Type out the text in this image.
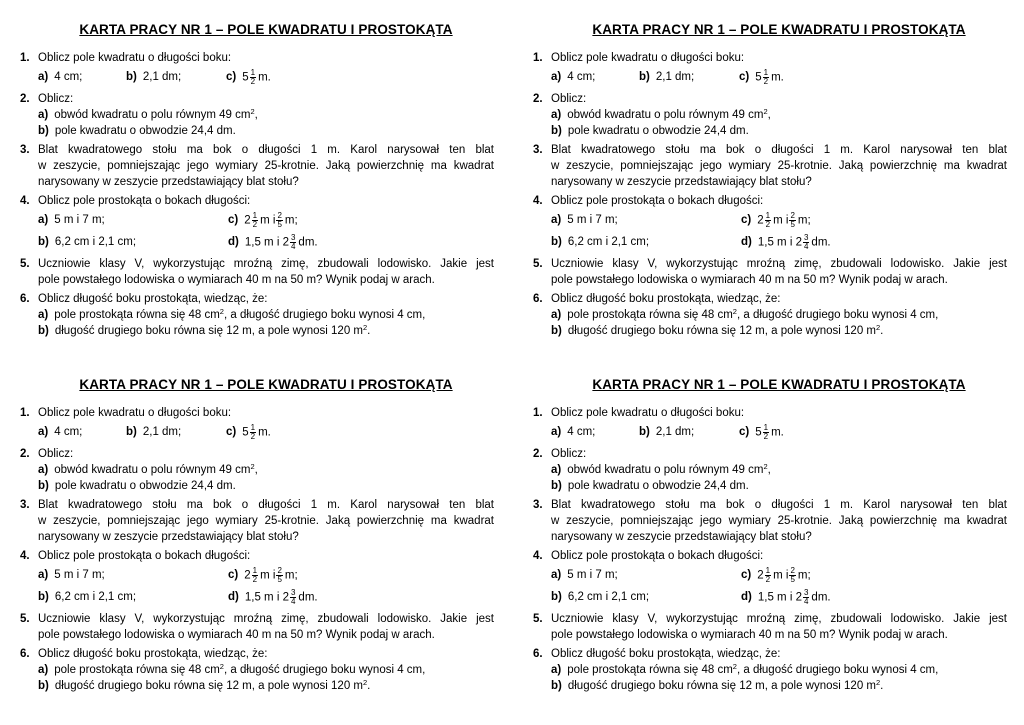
KARTA PRACY NR 1 – POLE KWADRATU I PROSTOKĄTA
1. Oblicz pole kwadratu o długości boku:
a) 4 cm;	b) 2,1 dm;	c) $5 \frac{1}{2} m$.
2. Oblicz:
a) obwód kwadratu o polu równym 49 $cm^2$,
b) pole kwadratu o obwodzie 24,4 dm.
3. Blat kwadratowego stołu ma bok o długości 1 m. Karol narysował ten blat
w zeszycie, pomniejszając jego wymiary 25-krotnie. Jaką powierzchnię ma kwadrat
narysowany w zeszycie przedstawiający blat stołu?
4. Oblicz pole prostokąta o bokach długości:
a) 5 m i 7 m;	c) $2 \frac{1}{2}$ m i $\frac{2}{5} m$;
b) 6,2 cm i 2,1 cm;	d) 1,5 m i $2 \frac{3}{4}$ dm.
5. Uczniowie klasy V, wykorzystując mroźną zimę, zbudowali lodowisko. Jakie jest
pole powstałego lodowiska o wymiarach 40 m na 50 m? Wynik podaj w arach.
6. Oblicz długość boku prostokąta, wiedząc, że:
a) pole prostokąta równa się 48 $cm^2$, a długość drugiego boku wynosi 4 cm,
b) długość drugiego boku równa się 12 m, a pole wynosi 120 $m^2$.
KARTA PRACY NR 1 – POLE KWADRATU I PROSTOKĄTA
1. Oblicz pole kwadratu o długości boku:
a) 4 cm;	b) 2,1 dm;	c) $5 \frac{1}{2} m$.
2. Oblicz:
a) obwód kwadratu o polu równym 49 $cm^2$,
b) pole kwadratu o obwodzie 24,4 dm.
3. Blat kwadratowego stołu ma bok o długości 1 m. Karol narysował ten blat
w zeszycie, pomniejszając jego wymiary 25-krotnie. Jaką powierzchnię ma kwadrat
narysowany w zeszycie przedstawiający blat stołu?
4. Oblicz pole prostokąta o bokach długości:
a) 5 m i 7 m;	c) $2 \frac{1}{2}$ m i $\frac{2}{5} m$;
b) 6,2 cm i 2,1 cm;	d) 1,5 m i $2 \frac{3}{4}$ dm.
5. Uczniowie klasy V, wykorzystując mroźną zimę, zbudowali lodowisko. Jakie jest
pole powstałego lodowiska o wymiarach 40 m na 50 m? Wynik podaj w arach.
6. Oblicz długość boku prostokąta, wiedząc, że:
a) pole prostokąta równa się 48 $cm^2$, a długość drugiego boku wynosi 4 cm,
b) długość drugiego boku równa się 12 m, a pole wynosi 120 $m^2$.
KARTA PRACY NR 1 – POLE KWADRATU I PROSTOKĄTA
1. Oblicz pole kwadratu o długości boku:
a) 4 cm;	b) 2,1 dm;	c) $5 \frac{1}{2} m$.
2. Oblicz:
a) obwód kwadratu o polu równym 49 $cm^2$,
b) pole kwadratu o obwodzie 24,4 dm.
3. Blat kwadratowego stołu ma bok o długości 1 m. Karol narysował ten blat
w zeszycie, pomniejszając jego wymiary 25-krotnie. Jaką powierzchnię ma kwadrat
narysowany w zeszycie przedstawiający blat stołu?
4. Oblicz pole prostokąta o bokach długości:
a) 5 m i 7 m;	c) $2 \frac{1}{2}$ m i $\frac{2}{5} m$;
b) 6,2 cm i 2,1 cm;	d) 1,5 m i $2 \frac{3}{4}$ dm.
5. Uczniowie klasy V, wykorzystując mroźną zimę, zbudowali lodowisko. Jakie jest
pole powstałego lodowiska o wymiarach 40 m na 50 m? Wynik podaj w arach.
6. Oblicz długość boku prostokąta, wiedząc, że:
a) pole prostokąta równa się 48 $cm^2$, a długość drugiego boku wynosi 4 cm,
b) długość drugiego boku równa się 12 m, a pole wynosi 120 $m^2$.
KARTA PRACY NR 1 – POLE KWADRATU I PROSTOKĄTA
1. Oblicz pole kwadratu o długości boku:
a) 4 cm;	b) 2,1 dm;	c) $5 \frac{1}{2} m$.
2. Oblicz:
a) obwód kwadratu o polu równym 49 $cm^2$,
b) pole kwadratu o obwodzie 24,4 dm.
3. Blat kwadratowego stołu ma bok o długości 1 m. Karol narysował ten blat
w zeszycie, pomniejszając jego wymiary 25-krotnie. Jaką powierzchnię ma kwadrat
narysowany w zeszycie przedstawiający blat stołu?
4. Oblicz pole prostokąta o bokach długości:
a) 5 m i 7 m;	c) $2 \frac{1}{2}$ m i $\frac{2}{5} m$;
b) 6,2 cm i 2,1 cm;	d) 1,5 m i $2 \frac{3}{4}$ dm.
5. Uczniowie klasy V, wykorzystując mroźną zimę, zbudowali lodowisko. Jakie jest
pole powstałego lodowiska o wymiarach 40 m na 50 m? Wynik podaj w arach.
6. Oblicz długość boku prostokąta, wiedząc, że:
a) pole prostokąta równa się 48 $cm^2$, a długość drugiego boku wynosi 4 cm,
b) długość drugiego boku równa się 12 m, a pole wynosi 120 $m^2$.
